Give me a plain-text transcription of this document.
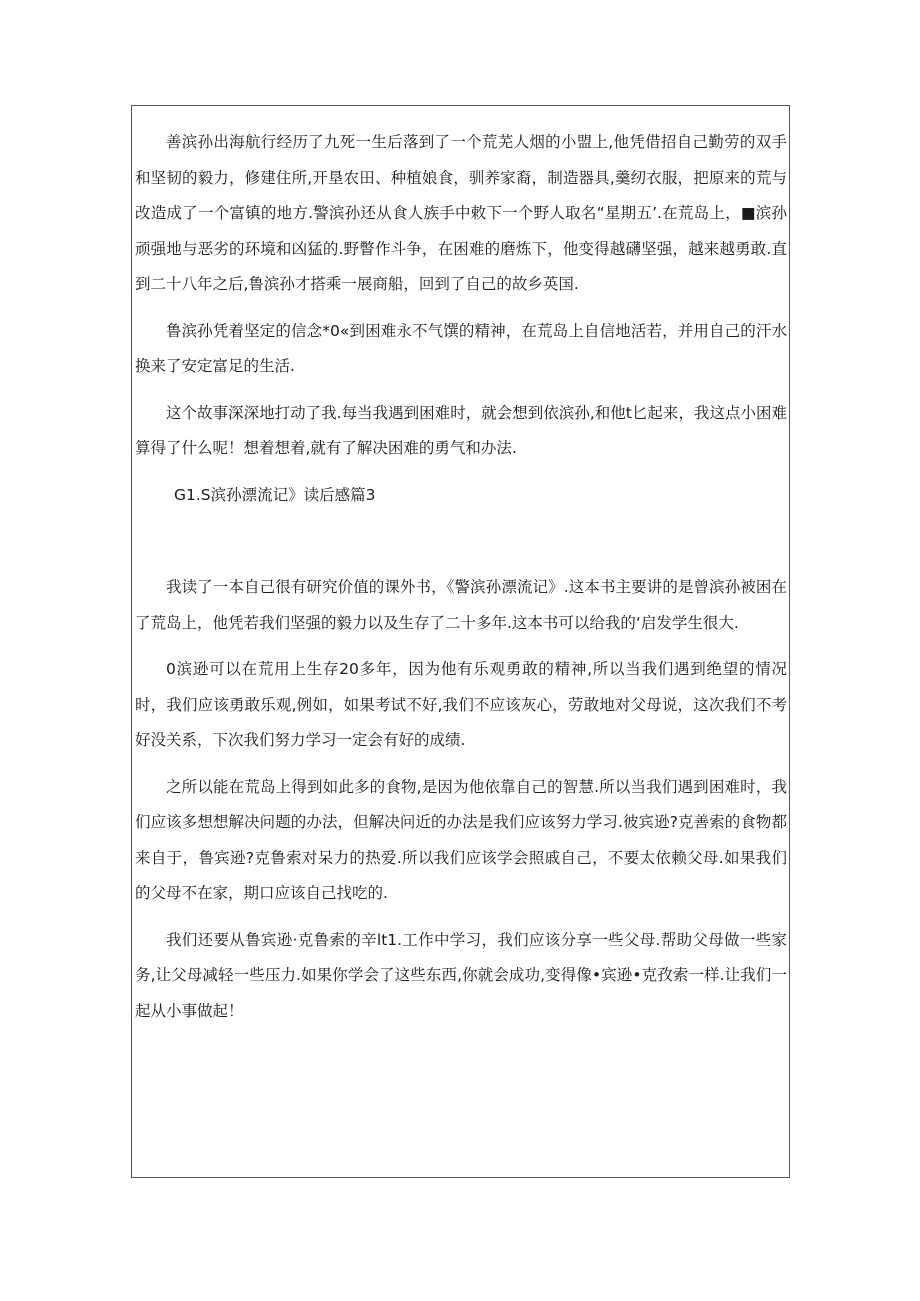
善滨孙出海航行经历了九死一生后落到了一个荒芜人烟的小盟上,他凭借招自己勤劳的双手和坚韧的毅力，修建住所,开垦农田、种植娘食，驯养家裔，制造器具,羹纫衣服，把原来的荒与改造成了一个富镇的地方.警滨孙还从食人族手中敕下一个野人取名“星期五’.在荒岛上，■滨孙顽强地与恶劣的环境和凶猛的.野瞥作斗争，在困难的磨炼下，他变得越礴坚强，越来越勇敢.直到二十八年之后,鲁滨孙才搭乘一展商船，回到了自己的故乡英国.

鲁滨孙凭着坚定的信念*0«到困难永不气馔的精神，在荒岛上自信地活若，并用自己的汗水换来了安定富足的生活.

这个故事深深地打动了我.每当我遇到困难时，就会想到依滨孙,和他t匕起来，我这点小困难算得了什么呢！想着想着,就有了解决困难的勇气和办法.

G1.S滨孙漂流记》读后感篇3

我读了一本自己很有研究价值的课外书，《警滨孙漂流记》.这本书主要讲的是曾滨孙被困在了荒岛上，他凭若我们坚强的毅力以及生存了二十多年.这本书可以给我的‘启发学生很大.

0滨逊可以在荒用上生存20多年，因为他有乐观勇敢的精神,所以当我们遇到绝望的情况时，我们应该勇敢乐观,例如，如果考试不好,我们不应该灰心，劳敢地对父母说，这次我们不考好没关系，下次我们努力学习一定会有好的成绩.

之所以能在荒岛上得到如此多的食物,是因为他依靠自己的智慧.所以当我们遇到困难时，我们应该多想想解决问题的办法，但解决问近的办法是我们应该努力学习.彼宾逊?克善索的食物都来自于，鲁宾逊?克鲁索对呆力的热爱.所以我们应该学会照戚自己，不要太依赖父母.如果我们的父母不在家，期口应该自己找吃的.

我们还要从鲁宾逊·克鲁索的辛lt1.工作中学习，我们应该分享一些父母.帮助父母做一些家务,让父母减轻一些压力.如果你学会了这些东西,你就会成功,变得像•宾逊•克孜索一样.让我们一起从小事做起！
